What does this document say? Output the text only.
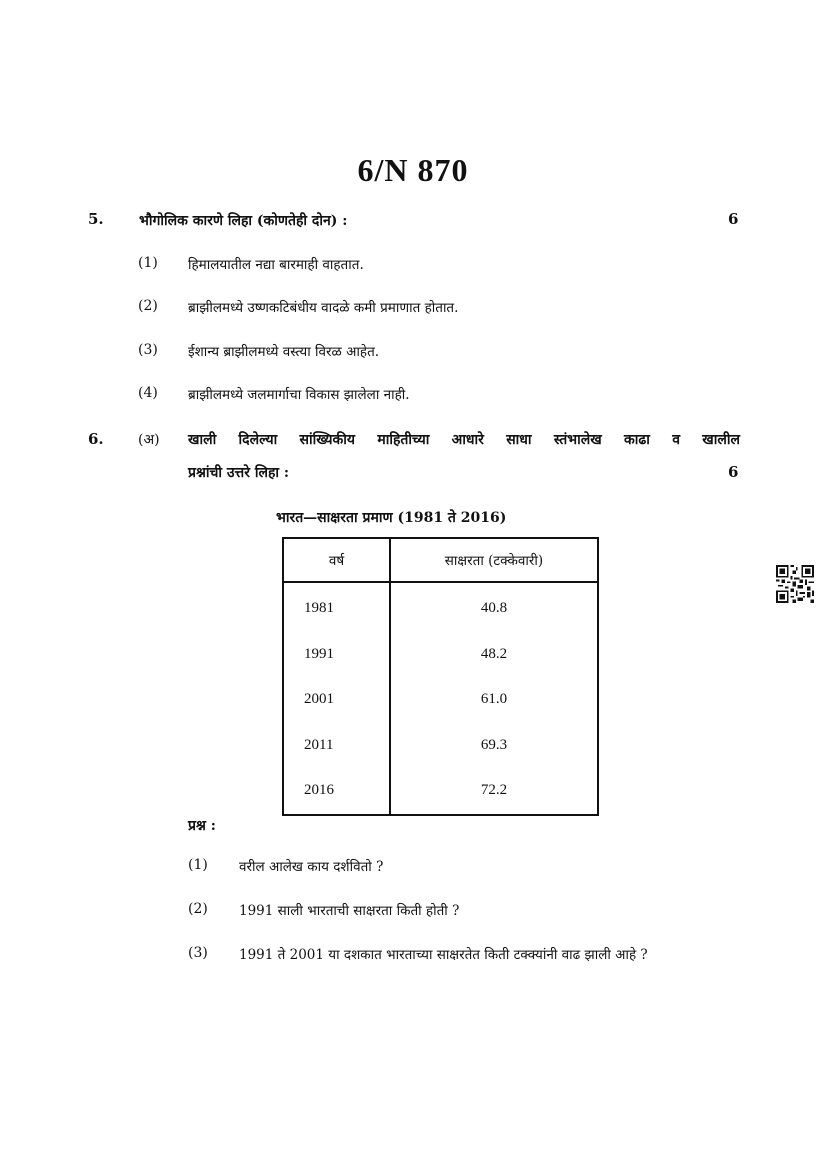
6/N 870
5.	भौगोलिक कारणे लिहा (कोणतेही दोन) :	6
(1) हिमालयातील नद्या बारमाही वाहतात.
(2) ब्राझीलमध्ये उष्णकटिबंधीय वादळे कमी प्रमाणात होतात.
(3) ईशान्य ब्राझीलमध्ये वस्त्या विरळ आहेत.
(4) ब्राझीलमध्ये जलमार्गाचा विकास झालेला नाही.
6. (अ) खाली दिलेल्या सांख्यिकीय माहितीच्या आधारे साधा स्तंभालेख काढा व खालील
प्रश्नांची उत्तरे लिहा :	6
भारत—साक्षरता प्रमाण (1981 ते 2016)
वर्ष	साक्षरता (टक्केवारी)
1981	40.8
1991	48.2
2001	61.0
2011	69.3
2016	72.2
प्रश्न :
(1) वरील आलेख काय दर्शवितो ?
(2) 1991 साली भारताची साक्षरता किती होती ?
(3) 1991 ते 2001 या दशकात भारताच्या साक्षरतेत किती टक्क्यांनी वाढ झाली आहे ?
